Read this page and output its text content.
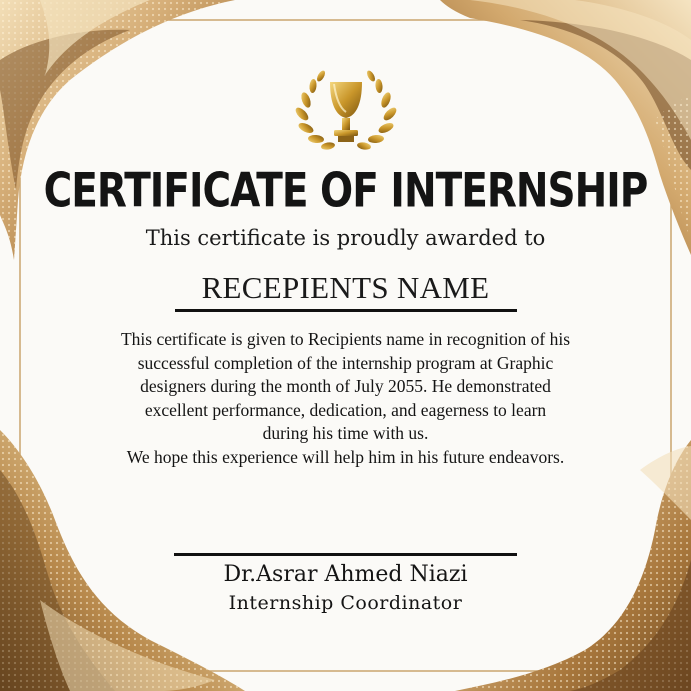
CERTIFICATE OF INTERNSHIP
This certificate is proudly awarded to
RECEPIENTS NAME
This certificate is given to Recipients name in recognition of his
successful completion of the internship program at Graphic
designers during the month of July 2055. He demonstrated
excellent performance, dedication, and eagerness to learn
during his time with us.
We hope this experience will help him in his future endeavors.
Dr.Asrar Ahmed Niazi
Internship Coordinator
